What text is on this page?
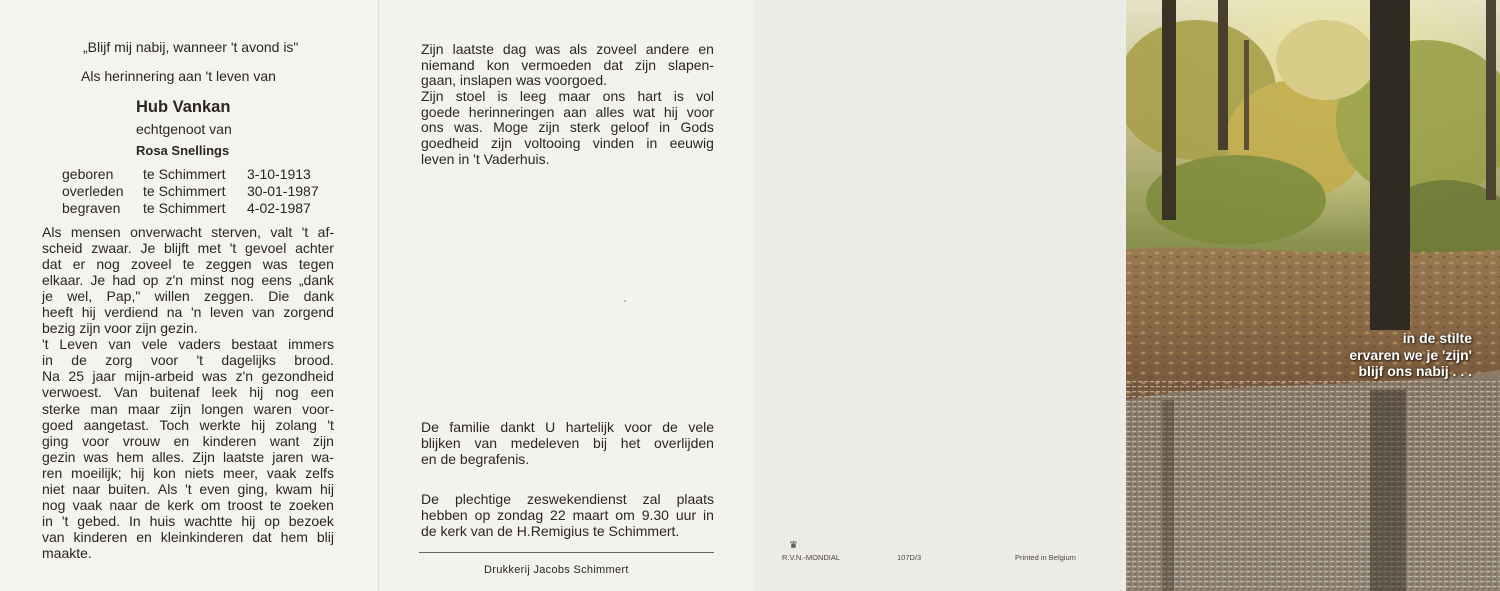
„Blijf mij nabij, wanneer 't avond is"
Als herinnering aan 't leven van
Hub Vankan
echtgenoot van
Rosa Snellings
geboren	te Schimmert	3-10-1913
overleden	te Schimmert	30-01-1987
begraven	te Schimmert	4-02-1987
Als mensen onverwacht sterven, valt 't af-
scheid zwaar. Je blijft met 't gevoel achter
dat er nog zoveel te zeggen was tegen
elkaar. Je had op z'n minst nog eens „dank
je wel, Pap," willen zeggen. Die dank
heeft hij verdiend na 'n leven van zorgend
bezig zijn voor zijn gezin.
't Leven van vele vaders bestaat immers
in de zorg voor 't dagelijks brood.
Na 25 jaar mijn-arbeid was z'n gezondheid
verwoest. Van buitenaf leek hij nog een
sterke man maar zijn longen waren voor-
goed aangetast. Toch werkte hij zolang 't
ging voor vrouw en kinderen want zijn
gezin was hem alles. Zijn laatste jaren wa-
ren moeilijk; hij kon niets meer, vaak zelfs
niet naar buiten. Als 't even ging, kwam hij
nog vaak naar de kerk om troost te zoeken
in 't gebed. In huis wachtte hij op bezoek
van kinderen en kleinkinderen dat hem blij
maakte.
Zijn laatste dag was als zoveel andere en
niemand kon vermoeden dat zijn slapen-
gaan, inslapen was voorgoed.
Zijn stoel is leeg maar ons hart is vol
goede herinneringen aan alles wat hij voor
ons was. Moge zijn sterk geloof in Gods
goedheid zijn voltooing vinden in eeuwig
leven in 't Vaderhuis.
De familie dankt U hartelijk voor de vele
blijken van medeleven bij het overlijden
en de begrafenis.
De plechtige zeswekendienst zal plaats
hebben op zondag 22 maart om 9.30 uur in
de kerk van de H.Remigius te Schimmert.
Drukkerij Jacobs Schimmert
♛
R.V.N.-MONDIAL	107D/3	Printed in Belgium
in de stilte
ervaren we je 'zijn'
blijf ons nabij . . .
